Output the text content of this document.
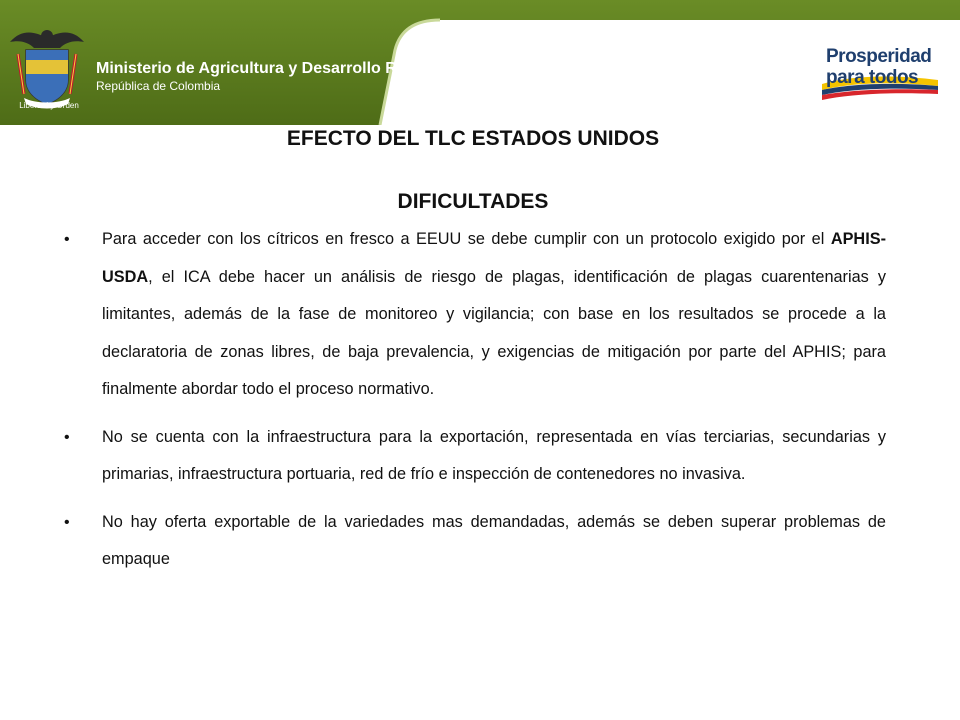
Libertad y Orden
Ministerio de Agricultura y Desarrollo Rural
República de Colombia
Prosperidad
para todos
EFECTO DEL TLC ESTADOS UNIDOS
DIFICULTADES
• Para acceder con los cítricos en fresco a EEUU se debe cumplir con un protocolo exigido por el APHIS-USDA, el ICA debe hacer un análisis de riesgo de plagas, identificación de plagas cuarentenarias y limitantes, además de la fase de monitoreo y vigilancia; con base en los resultados se procede a la declaratoria de zonas libres, de baja prevalencia, y exigencias de mitigación por parte del APHIS; para finalmente abordar todo el proceso normativo.
• No se cuenta con la infraestructura para la exportación, representada en vías terciarias, secundarias y primarias, infraestructura portuaria, red de frío e inspección de contenedores no invasiva.
• No hay oferta exportable de la variedades mas demandadas, además se deben superar problemas de empaque
